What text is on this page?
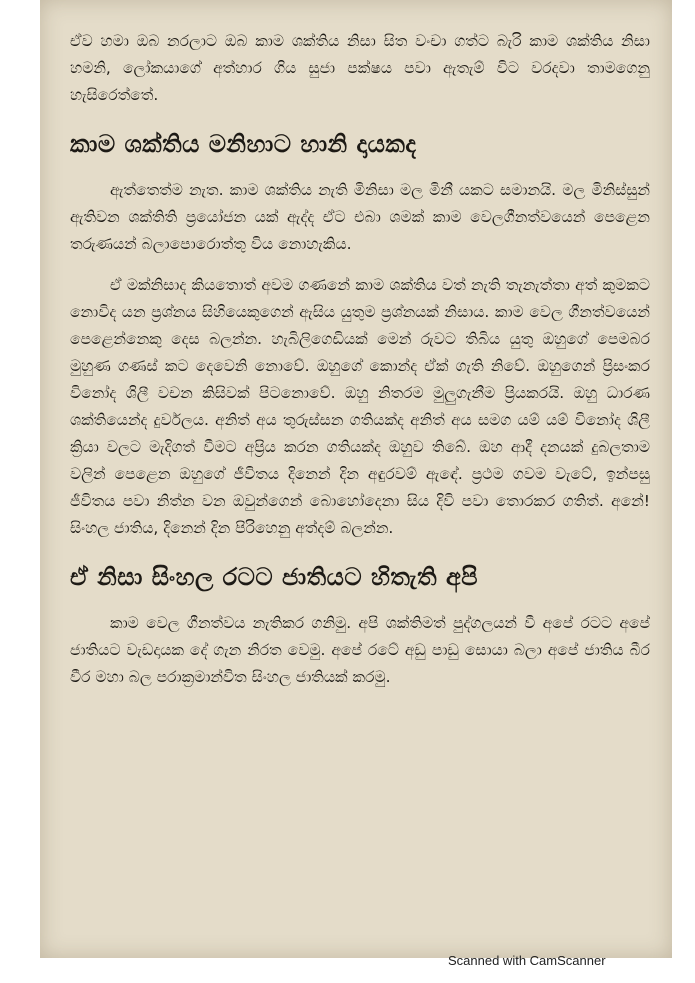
ඒව හමා ඔබ නරලාට ඔබ කාම ශක්තිය නිසා සිත වංචා ගත්ට බැරි කාම ශක්තිය නිසා හමනි, ලෝකයාගේ අත්හාර ගිය සුජා පක්ෂය පවා ඇතැම් විට වරදවා තාමගෙනු හැසිරෙත්තේ.

කාම ශක්තිය මනිහාට හානි දායකද

ඇත්තෙත්ම නැත. කාම ශක්තිය නැති මිනිසා මල මිනී යකට සමානයි. මල මිනිස්සුන් ඇතිවන ශක්තිති ප්‍රයෝජන යක් ඇද්ද ඒට එබා ශමක් කාම වෙලගීනත්වයෙන් පෙළෙන තරුණයන් බලාපොරොත්තු විය නොහැකිය.

ඒ මක්නිසාද කියතොත් අවම ගණනේ කාම ශක්තිය වත් නැති තැනැත්තා අත් කුමකට නොවිද යන ප්‍රශ්නය සිහියෙකුගෙන් ඇසිය යුතුම ප්‍රශ්නයක් නිසාය. කාම වෙල ගීනත්වයෙන් පෙළෙන්නෙකු දෙස බලන්න. හැබිලිගෙඩියක් මෙන් රුවට තිබිය යුතු ඔහුගේ පෙමබර මුහුණ ගණස් කට දෙවෙනි නොවේ. ඔහුගේ කොන්ද ඒක් ගැති නිවේ. ඔහුගෙන් ප්‍රිසංකර විනෝද ශිලී වචන කිසිවක් පිටනොවේ. ඔහු නිතරම මුලුගැනීම ප්‍රියකරයි. ඔහු ධාරණ ශක්තියෙන්ද දුර්වලය. අනිත් අය තුරුස්සන ගතියක්ද අනිත් අය සමග යම් යම් විනෝද ශිලී ක්‍රියා වලට මැදිගත් වීමට අප්‍රිය කරන ගතියක්ද ඔහුව තිබේ. ඔහ ආදී දනයක් දුබලතාම වලින් පෙළෙන ඔහුගේ ජීවිතය දිනෙන් දින අඳුරවම් ඇඳේ. ප්‍රථම ගවම වැටේ, ඉන්පසු ජීවිතය පවා නිත්න වන ඔවුන්ගෙන් බොහෝදෙනා සිය දිවි පවා තොරකර ගතිත්. අනේ! සිංහල ජාතිය, දිනෙන් දින පිරිහෙනු අත්දම් බලන්න.

ඒ නිසා සිංහල රටට ජාතියට හිතැති අපි

කාම වෙල ගීනත්වය නැතිකර ගනිමු. අපි ශක්තිමත් පුද්ගලයන් වී අපේ රටට අපේ ජාතියට වැඩදායක දේ ගැන නිරත වෙමු. අපේ රටේ අඩු පාඩු සොයා බලා අපේ ජාතිය බීර වීර මහා බල පරාක්‍රමාන්විත සිංහල ජාතියක් කරමු.

Scanned with CamScanner
